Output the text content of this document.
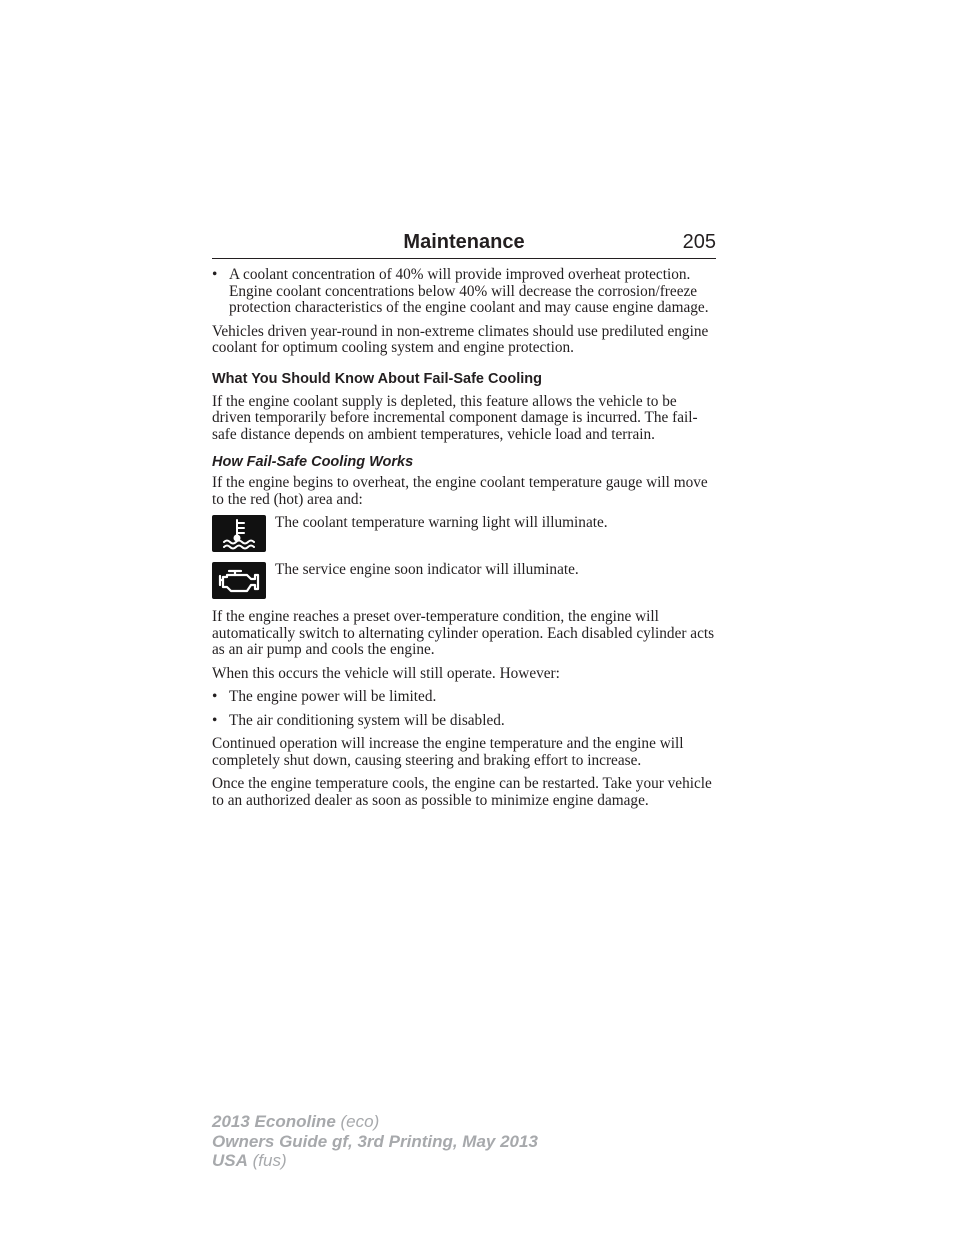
Maintenance	205
• A coolant concentration of 40% will provide improved overheat protection. Engine coolant concentrations below 40% will decrease the corrosion/freeze protection characteristics of the engine coolant and may cause engine damage.

Vehicles driven year-round in non-extreme climates should use prediluted engine coolant for optimum cooling system and engine protection.

What You Should Know About Fail-Safe Cooling

If the engine coolant supply is depleted, this feature allows the vehicle to be driven temporarily before incremental component damage is incurred. The fail-safe distance depends on ambient temperatures, vehicle load and terrain.

How Fail-Safe Cooling Works

If the engine begins to overheat, the engine coolant temperature gauge will move to the red (hot) area and:

The coolant temperature warning light will illuminate.
The service engine soon indicator will illuminate.

If the engine reaches a preset over-temperature condition, the engine will automatically switch to alternating cylinder operation. Each disabled cylinder acts as an air pump and cools the engine.

When this occurs the vehicle will still operate. However:

• The engine power will be limited.
• The air conditioning system will be disabled.

Continued operation will increase the engine temperature and the engine will completely shut down, causing steering and braking effort to increase.

Once the engine temperature cools, the engine can be restarted. Take your vehicle to an authorized dealer as soon as possible to minimize engine damage.

2013 Econoline (eco)
Owners Guide gf, 3rd Printing, May 2013
USA (fus)
